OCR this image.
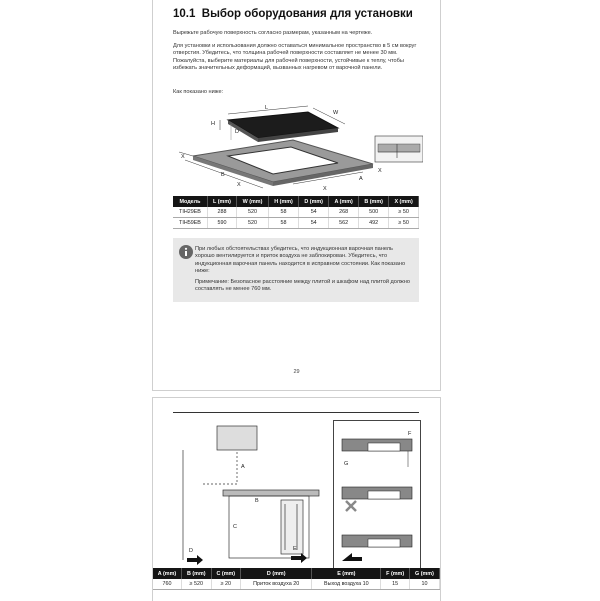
10.1 Выбор оборудования для установки

Вырежьте рабочую поверхность согласно размерам, указанным на чертеже.

Для установки и использования должно оставаться минимальное пространство в 5 см вокруг отверстия. Убедитесь, что толщина рабочей поверхности составляет не менее 30 мм. Пожалуйста, выберите материалы для рабочей поверхности, устойчивые к теплу, чтобы избежать значительных деформаций, вызванных нагревом от варочной панели.

Как показано ниже:

L
W
H
D
A
B
X
X
X
X
Модель	L (mm)	W (mm)	H (mm)	D (mm)	A (mm)	B (mm)	X (mm)
TIH29EB	288	520	58	54	268	500	≥ 50
TIH59EB	590	520	58	54	562	492	≥ 50

При любых обстоятельствах убедитесь, что индукционная варочная панель хорошо вентилируется и приток воздуха не заблокирован. Убедитесь, что индукционная варочная панель находится в исправном состоянии. Как показано ниже:

Примечание: Безопасное расстояние между плитой и шкафом над плитой должно составлять не менее 760 мм.

29
A
B
C
D	E
F
G
A (mm)	B (mm)	C (mm)	D (mm)	E (mm)	F (mm)	G (mm)
760	≥ 520	≥ 20	Приток воздуха 20	Выход воздуха 10	15	10
